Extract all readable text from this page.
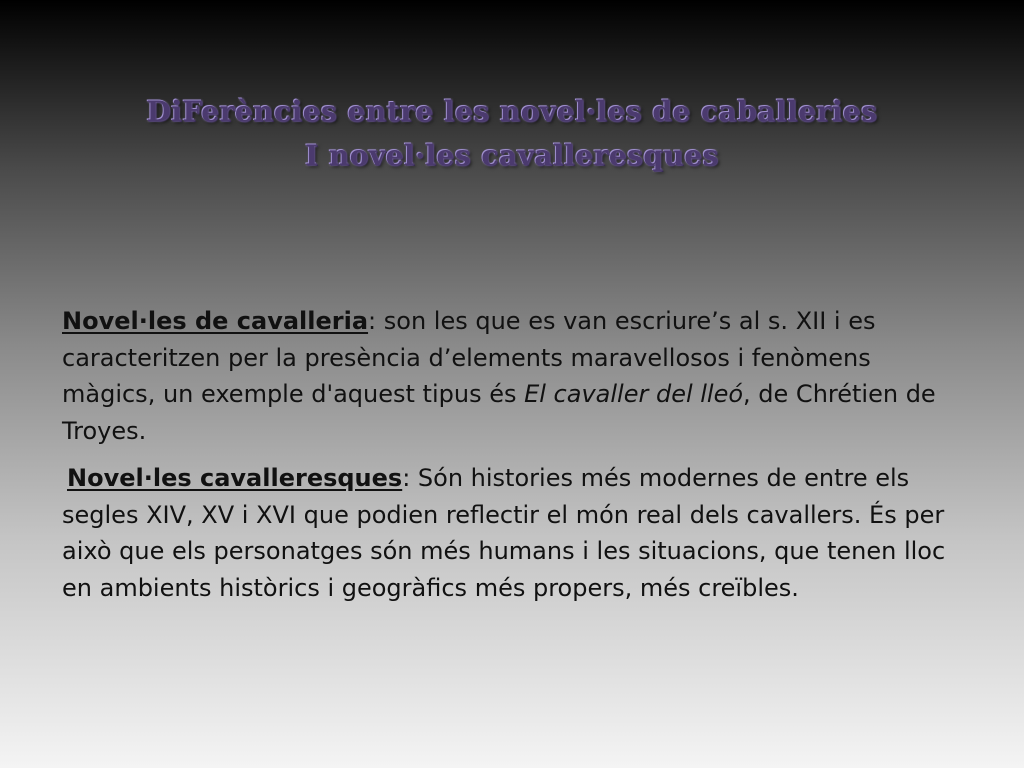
DiFerències entre les novel·les de caballeries
I novel·les cavalleresques

Novel·les de cavalleria: son les que es van escriure’s al s. XII i es caracteritzen per la presència d’elements maravellosos i fenòmens màgics, un exemple d'aquest tipus és El cavaller del lleó, de Chrétien de Troyes.

Novel·les cavalleresques: Són histories més modernes de entre els segles XIV, XV i XVI que podien reflectir el món real dels cavallers. És per això que els personatges són més humans i les situacions, que tenen lloc en ambients històrics i geogràfics més propers, més creïbles.
